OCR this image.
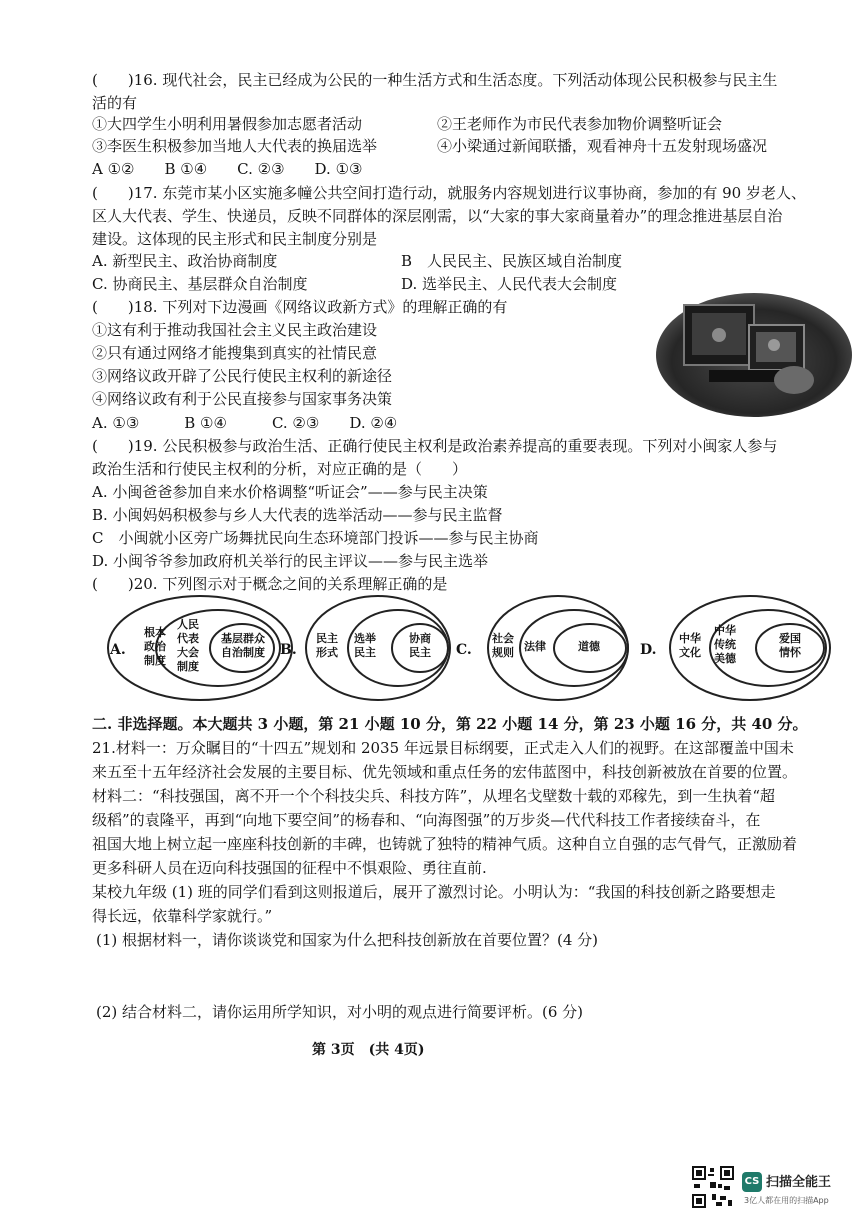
(　　)16. 现代社会，民主已经成为公民的一种生活方式和生活态度。下列活动体现公民积极参与民主生
活的有
①大四学生小明利用暑假参加志愿者活动	②王老师作为市民代表参加物价调整听证会
③李医生积极参加当地人大代表的换届选举	④小梁通过新闻联播，观看神舟十五发射现场盛况
A ①②　　B ①④　　C. ②③　　D. ①③
(　　)17. 东莞市某小区实施多幢公共空间打造行动，就服务内容规划进行议事协商，参加的有 90 岁老人、
区人大代表、学生、快递员，反映不同群体的深层刚需，以“大家的事大家商量着办”的理念推进基层自治
建设。这体现的民主形式和民主制度分别是
A. 新型民主、政治协商制度	B　人民民主、民族区域自治制度
C. 协商民主、基层群众自治制度	D. 选举民主、人民代表大会制度
(　　)18. 下列对下边漫画《网络议政新方式》的理解正确的有
①这有利于推动我国社会主义民主政治建设
②只有通过网络才能搜集到真实的社情民意
③网络议政开辟了公民行使民主权利的新途径
④网络议政有利于公民直接参与国家事务决策
A. ①③　　　B ①④　　　C. ②③　　D. ②④
(　　)19. 公民积极参与政治生活、正确行使民主权利是政治素养提高的重要表现。下列对小闽家人参与
政治生活和行使民主权利的分析，对应正确的是（　　）
A. 小闽爸爸参加自来水价格调整“听证会”——参与民主决策
B. 小闽妈妈积极参与乡人大代表的选举活动——参与民主监督
C　小闽就小区旁广场舞扰民向生态环境部门投诉——参与民主协商
D. 小闽爷爷参加政府机关举行的民主评议——参与民主选举
(　　)20. 下列图示对于概念之间的关系理解正确的是
A.	B.	C.	D.
根本政治制度
人民代表大会制度
基层群众自治制度
民主形式
选举民主
协商民主
社会规则 法律	道德
中华文化
中华传统美德
爱国情怀
二. 非选择题。本大题共 3 小题，第 21 小题 10 分，第 22 小题 14 分，第 23 小题 16 分，共 40 分。
21.材料一：万众瞩目的“十四五”规划和 2035 年远景目标纲要，正式走入人们的视野。在这部覆盖中国未
来五至十五年经济社会发展的主要目标、优先领域和重点任务的宏伟蓝图中，科技创新被放在首要的位置。
材料二：“科技强国，离不开一个个科技尖兵、科技方阵”，从埋名戈壁数十载的邓稼先，到一生执着“超
级稻”的袁隆平，再到“向地下要空间”的杨春和、“向海图强”的万步炎—代代科技工作者接续奋斗，在
祖国大地上树立起一座座科技创新的丰碑，也铸就了独特的精神气质。这种自立自强的志气骨气，正激励着
更多科研人员在迈向科技强国的征程中不惧艰险、勇往直前.
某校九年级 (1) 班的同学们看到这则报道后，展开了激烈讨论。小明认为：“我国的科技创新之路要想走
得长远，依靠科学家就行。”
(1) 根据材料一，请你谈谈党和国家为什么把科技创新放在首要位置？(4 分)
(2) 结合材料二，请你运用所学知识，对小明的观点进行简要评析。(6 分)
第 3页　(共 4页)
CS 扫描全能王
3亿人都在用的扫描App
